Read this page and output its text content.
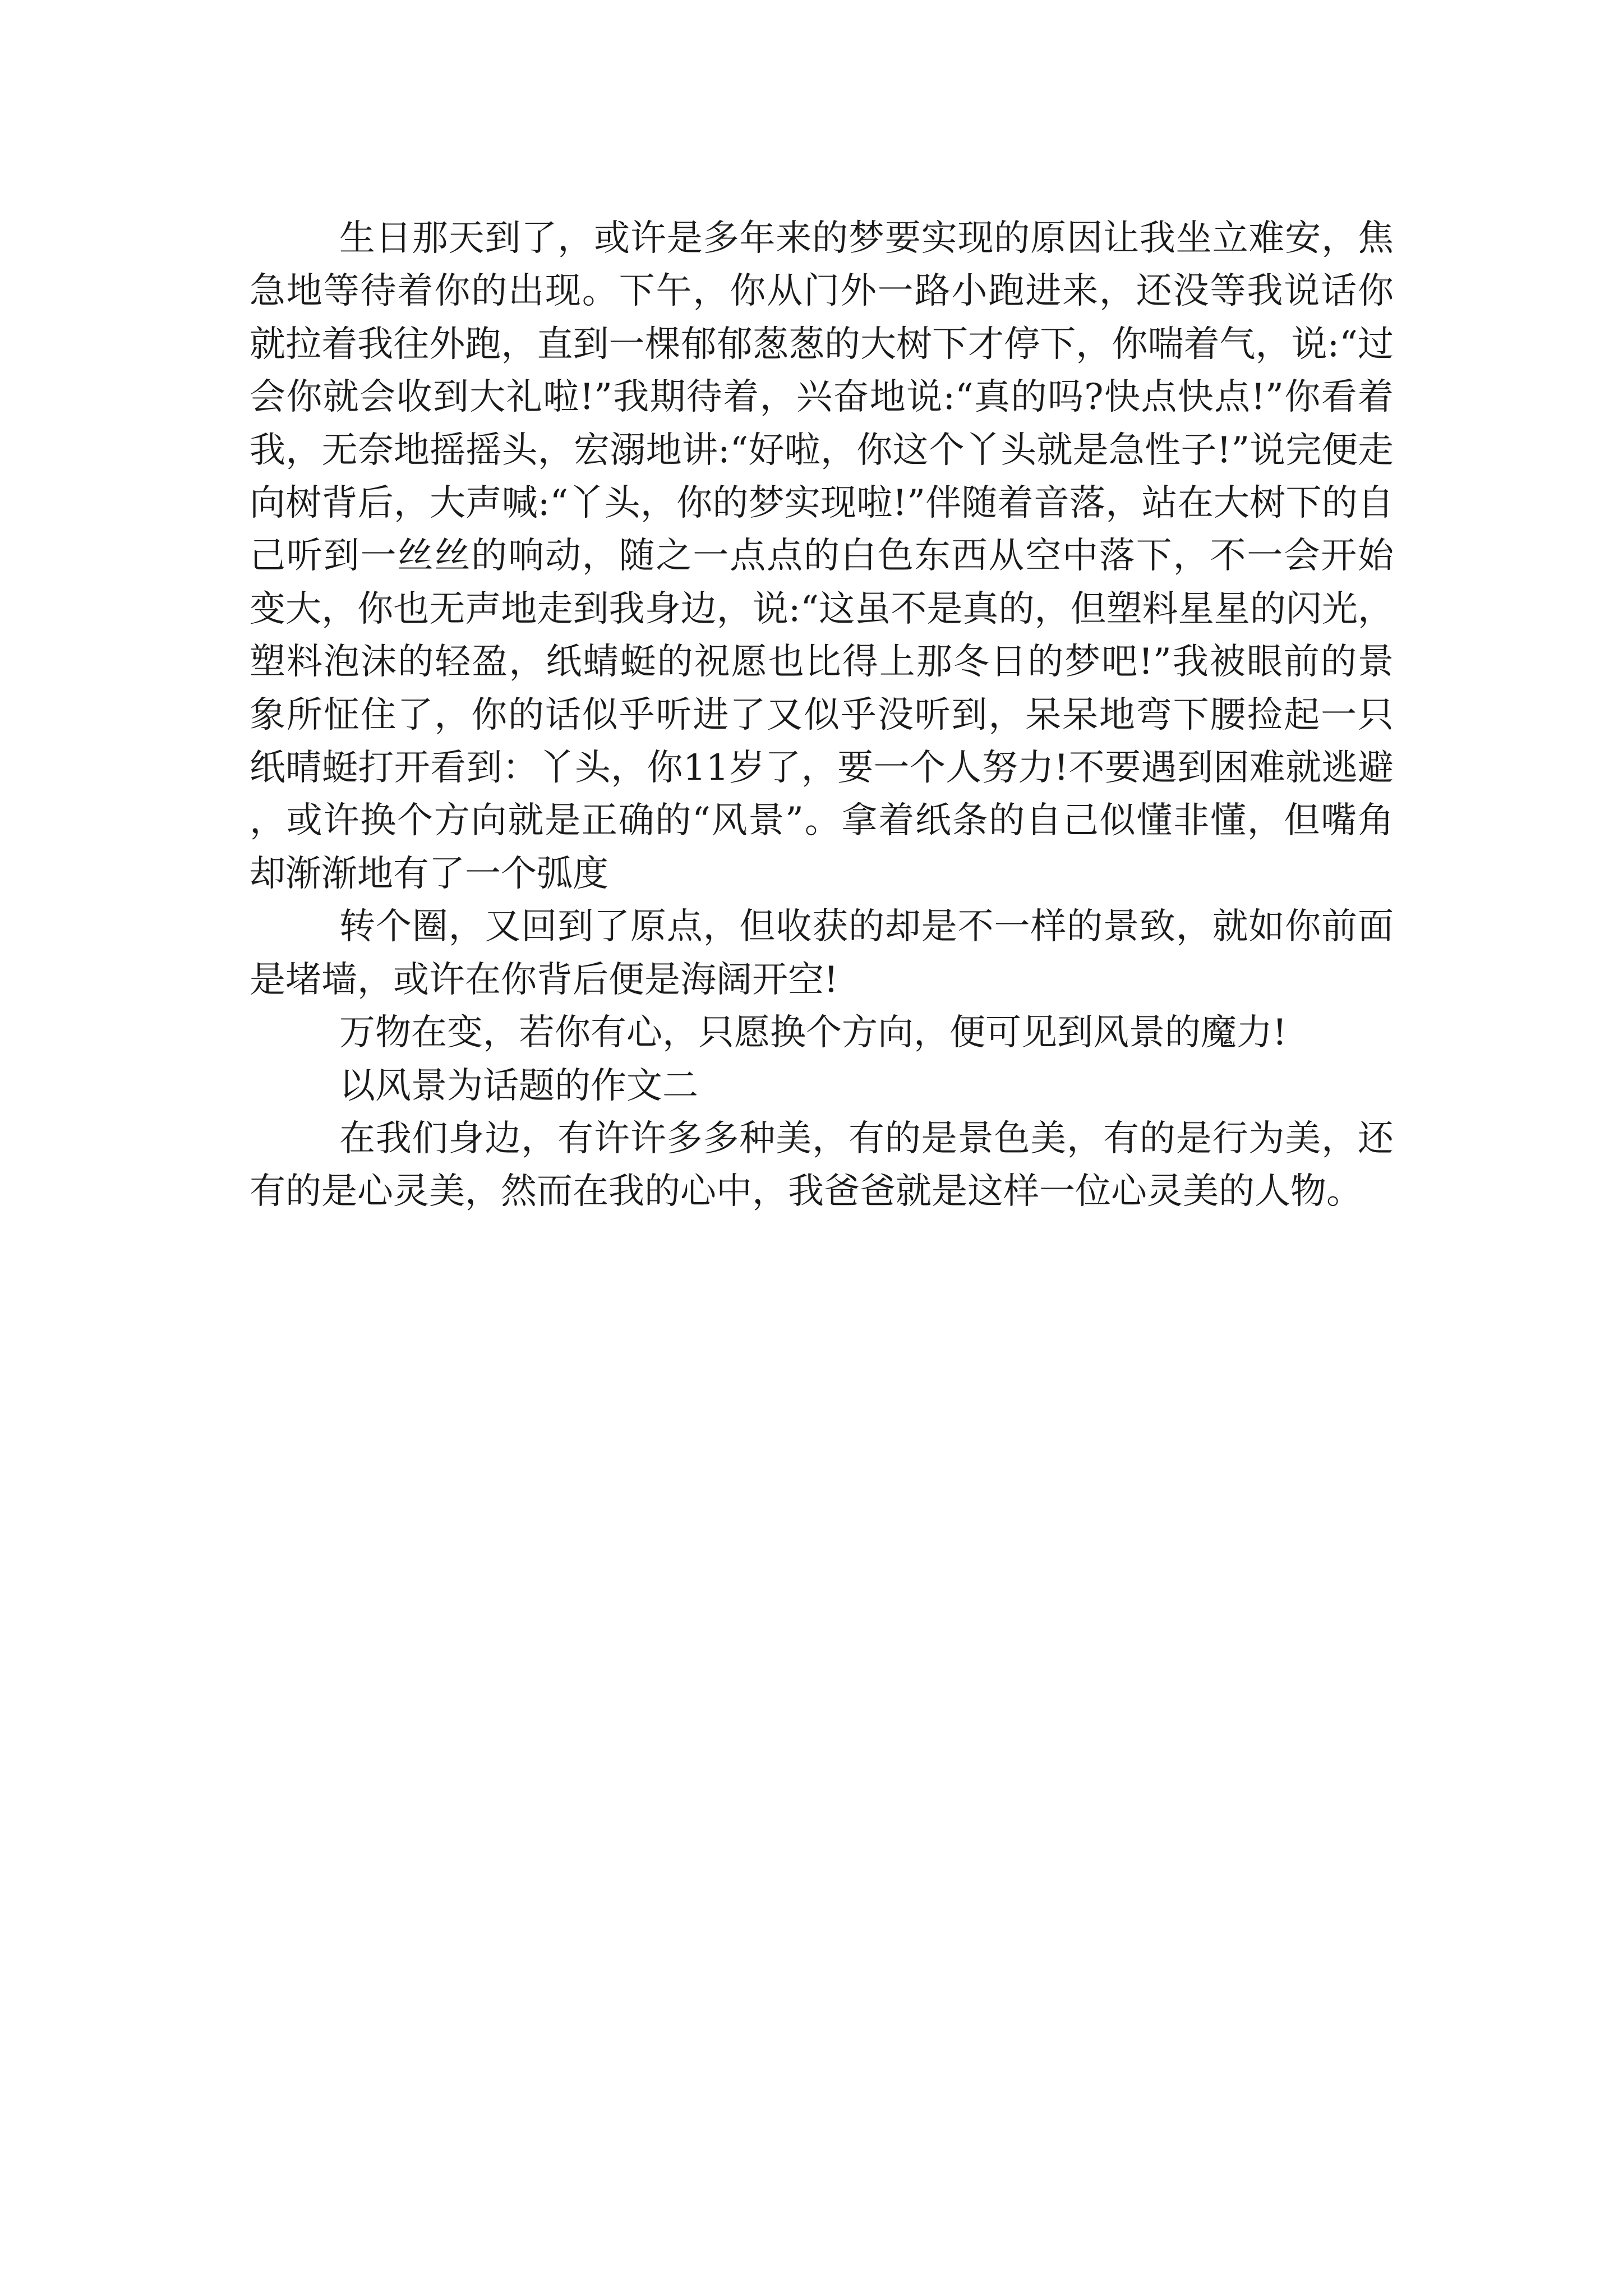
生日那天到了，或许是多年来的梦要实现的原因让我坐立难安，焦急地等待着你的出现。下午，你从门外一路小跑进来，还没等我说话你就拉着我往外跑，直到一棵郁郁葱葱的大树下才停下，你喘着气，说:“过会你就会收到大礼啦!”我期待着，兴奋地说:“真的吗?快点快点!”你看着我，无奈地摇摇头，宏溺地讲:“好啦，你这个丫头就是急性子!”说完便走向树背后，大声喊:“丫头，你的梦实现啦!”伴随着音落，站在大树下的自己听到一丝丝的响动，随之一点点的白色东西从空中落下，不一会开始变大，你也无声地走到我身边，说:“这虽不是真的，但塑料星星的闪光，塑料泡沫的轻盈，纸蜻蜓的祝愿也比得上那冬日的梦吧!”我被眼前的景象所怔住了，你的话似乎听进了又似乎没听到，呆呆地弯下腰捡起一只纸晴蜓打开看到：丫头，你11岁了，要一个人努力!不要遇到困难就逃避，或许换个方向就是正确的“风景”。拿着纸条的自己似懂非懂，但嘴角却渐渐地有了一个弧度

转个圈，又回到了原点，但收获的却是不一样的景致，就如你前面是堵墙，或许在你背后便是海阔开空!

万物在变，若你有心，只愿换个方向，便可见到风景的魔力!

以风景为话题的作文二

在我们身边，有许许多多种美，有的是景色美，有的是行为美，还有的是心灵美，然而在我的心中，我爸爸就是这样一位心灵美的人物。
